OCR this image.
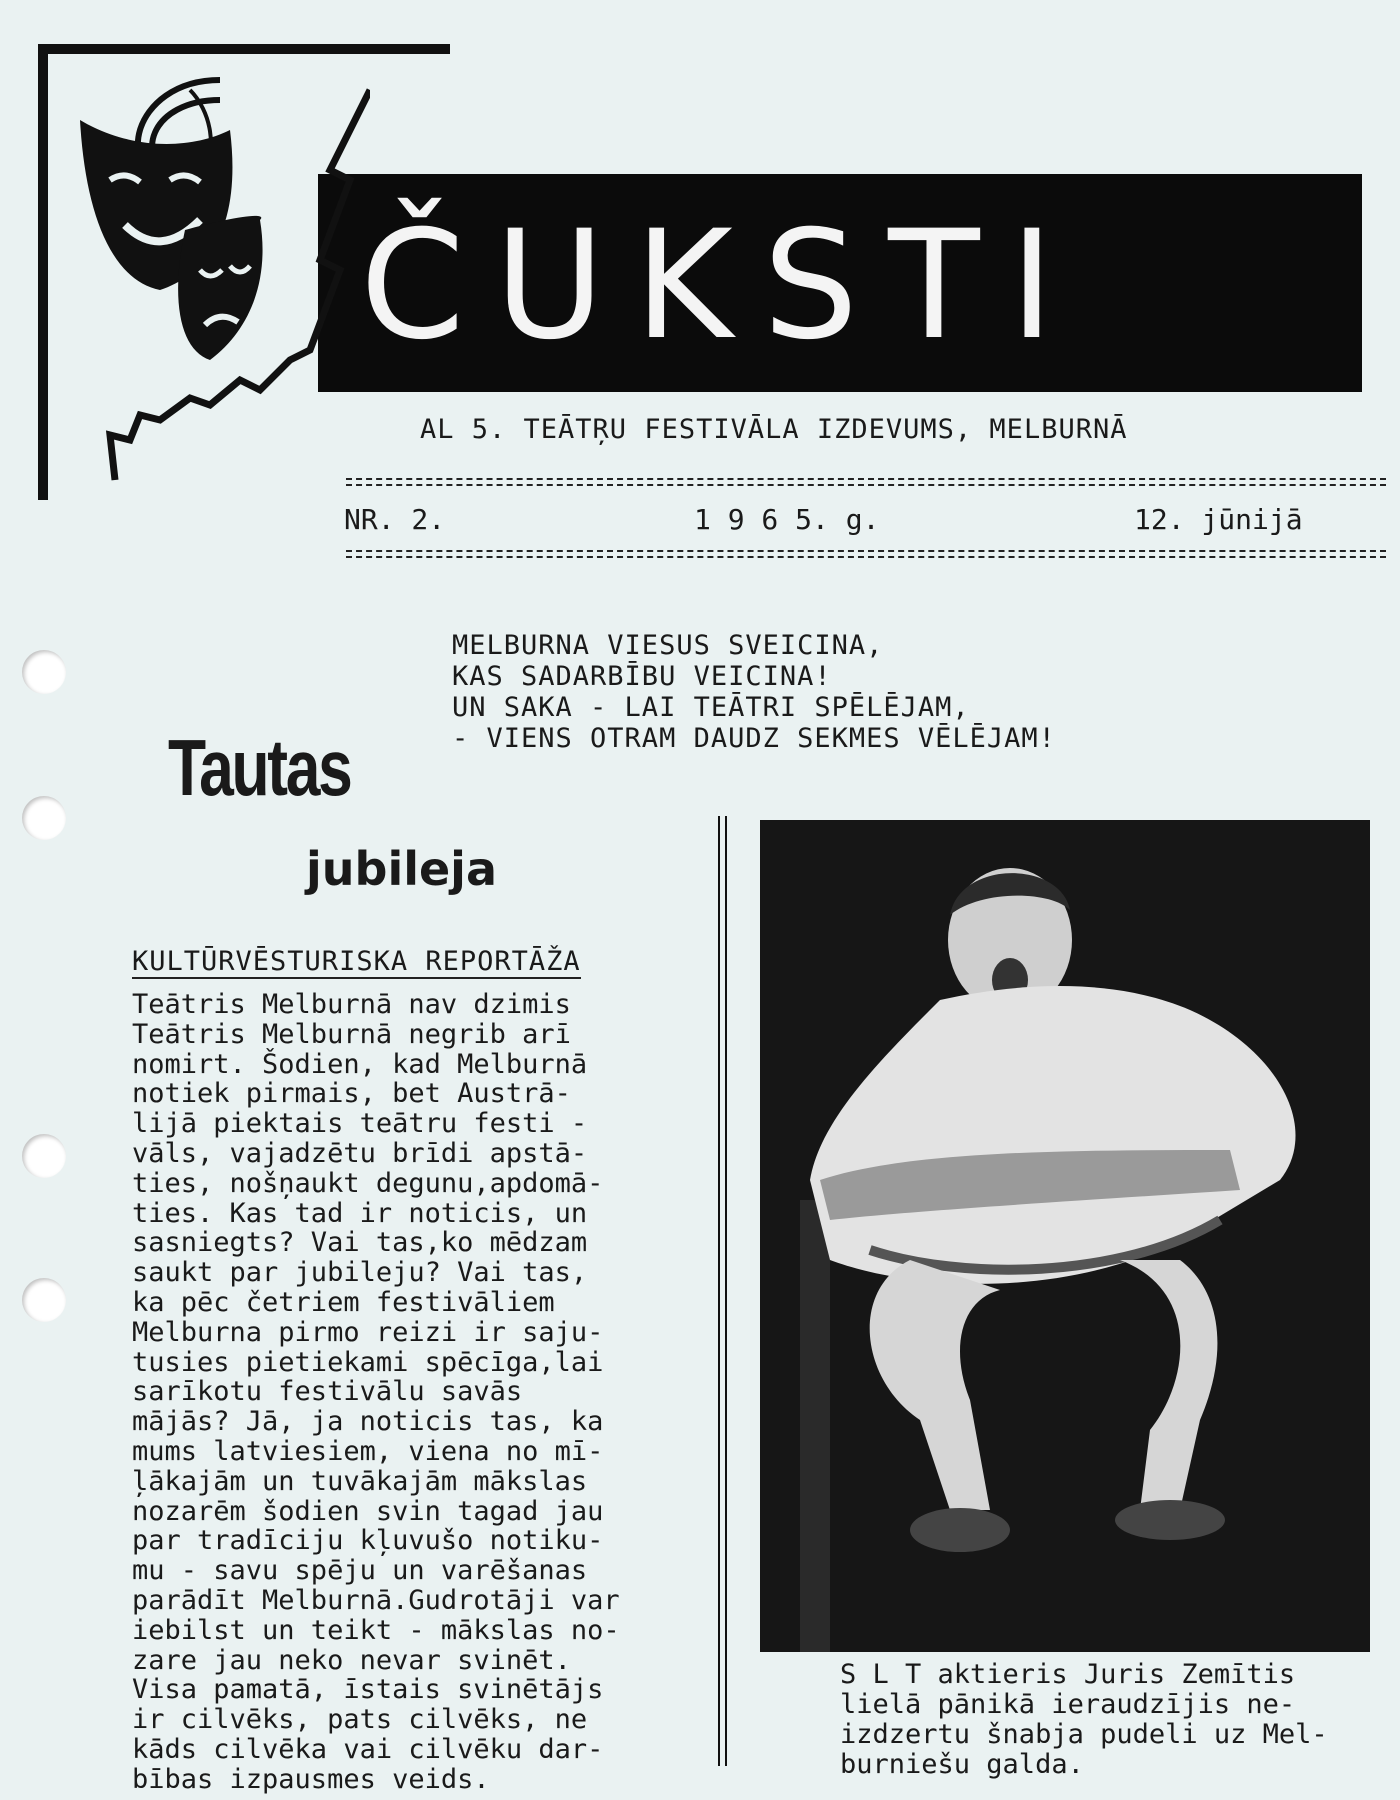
ČUKSTI
AL 5. TEĀTŖU FESTIVĀLA IZDEVUMS, MELBURNĀ
NR. 2.	1 9 6 5. g.	12. jūnijā
MELBURNA VIESUS SVEICINA,
KAS SADARBĪBU VEICINA!
UN SAKA - LAI TEĀTRI SPĒLĒJAM,
- VIENS OTRAM DAUDZ SEKMES VĒLĒJAM!
Tautas
jubileja
KULTŪRVĒSTURISKA REPORTĀŽA
Teātris Melburnā nav dzimis
Teātris Melburnā negrib arī
nomirt. Šodien, kad Melburnā
notiek pirmais, bet Austrā-
lijā piektais teātru festi -
vāls, vajadzētu brīdi apstā-
ties, nošņaukt degunu,apdomā-
ties. Kas tad ir noticis, un
sasniegts? Vai tas,ko mēdzam
saukt par jubileju? Vai tas,
ka pēc četriem festivāliem
Melburna pirmo reizi ir saju-
tusies pietiekami spēcīga,lai
sarīkotu festivālu savās
mājās? Jā, ja noticis tas, ka
mums latviesiem, viena no mī-
ļākajām un tuvākajām mākslas
nozarēm šodien svin tagad jau
par tradīciju kļuvušo notiku-
mu - savu spēju un varēšanas
parādīt Melburnā.Gudrotāji var
iebilst un teikt - mākslas no-
zare jau neko nevar svinēt.
Visa pamatā, īstais svinētājs
ir cilvēks, pats cilvēks, ne
kāds cilvēka vai cilvēku dar-
bības izpausmes veids.
S L T aktieris Juris Zemītis
lielā pānikā ieraudzījis ne-
izdzertu šnabja pudeli uz Mel-
burniešu galda.
